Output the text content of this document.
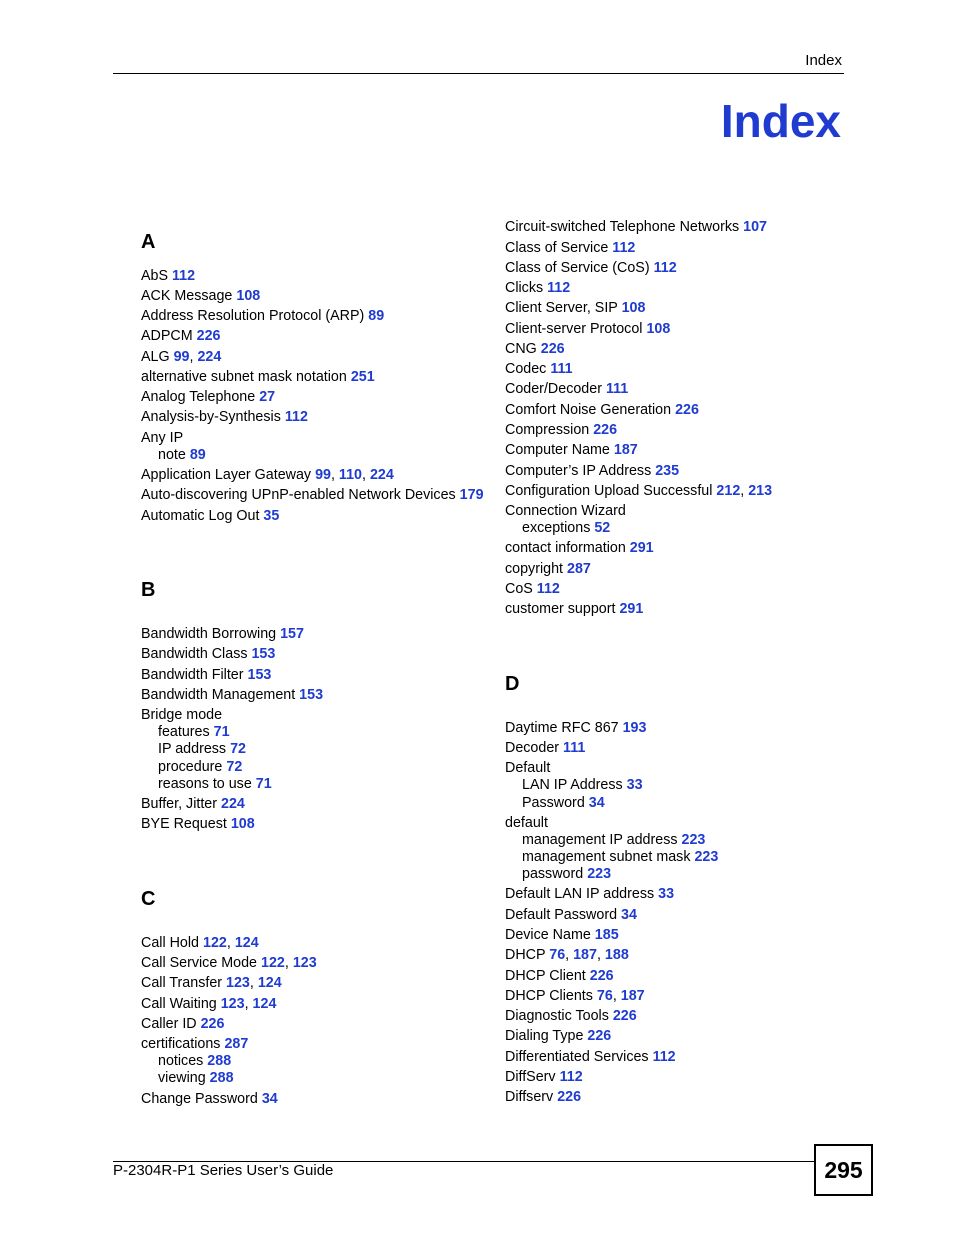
Index
Index
A
AbS 112
ACK Message 108
Address Resolution Protocol (ARP) 89
ADPCM 226
ALG 99, 224
alternative subnet mask notation 251
Analog Telephone 27
Analysis-by-Synthesis 112
Any IP
note 89
Application Layer Gateway 99, 110, 224
Auto-discovering UPnP-enabled Network Devices 179
Automatic Log Out 35
B
Bandwidth Borrowing 157
Bandwidth Class 153
Bandwidth Filter 153
Bandwidth Management 153
Bridge mode
features 71
IP address 72
procedure 72
reasons to use 71
Buffer, Jitter 224
BYE Request 108
C
Call Hold 122, 124
Call Service Mode 122, 123
Call Transfer 123, 124
Call Waiting 123, 124
Caller ID 226
certifications 287
notices 288
viewing 288
Change Password 34
Circuit-switched Telephone Networks 107
Class of Service 112
Class of Service (CoS) 112
Clicks 112
Client Server, SIP 108
Client-server Protocol 108
CNG 226
Codec 111
Coder/Decoder 111
Comfort Noise Generation 226
Compression 226
Computer Name 187
Computer’s IP Address 235
Configuration Upload Successful 212, 213
Connection Wizard
exceptions 52
contact information 291
copyright 287
CoS 112
customer support 291
D
Daytime RFC 867 193
Decoder 111
Default
LAN IP Address 33
Password 34
default
management IP address 223
management subnet mask 223
password 223
Default LAN IP address 33
Default Password 34
Device Name 185
DHCP 76, 187, 188
DHCP Client 226
DHCP Clients 76, 187
Diagnostic Tools 226
Dialing Type 226
Differentiated Services 112
DiffServ 112
Diffserv 226
P-2304R-P1 Series User’s Guide	295
